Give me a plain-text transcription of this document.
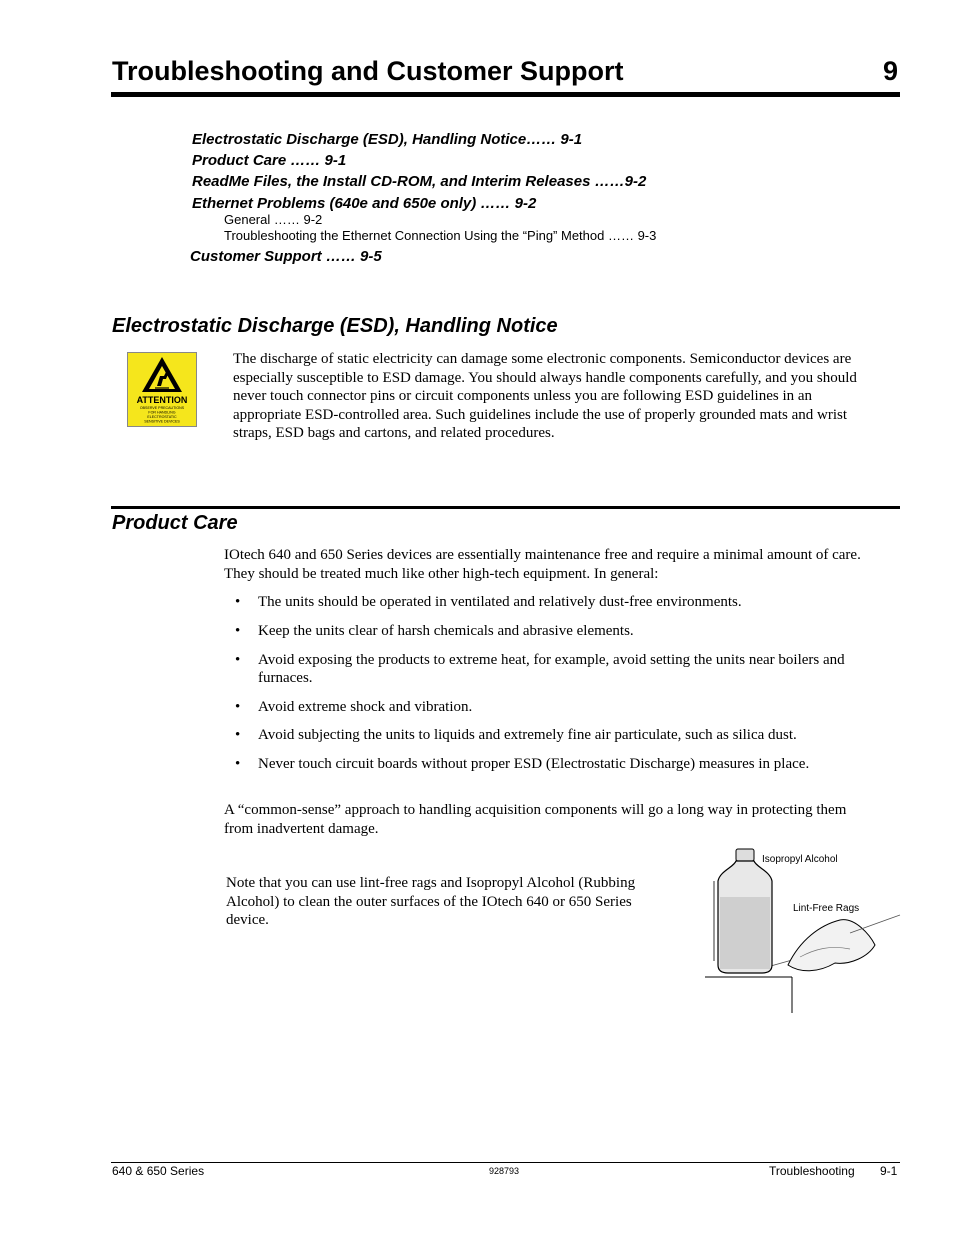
Troubleshooting and Customer Support	9
Electrostatic Discharge (ESD), Handling Notice…… 9-1
Product Care …… 9-1
ReadMe Files, the Install CD-ROM, and Interim Releases ……9-2
Ethernet Problems (640e and 650e only) …… 9-2
General …… 9-2
Troubleshooting the Ethernet Connection Using the “Ping” Method …… 9-3
Customer Support …… 9-5
Electrostatic Discharge (ESD), Handling Notice
ATTENTION
OBSERVE PRECAUTIONS
FOR HANDLING
ELECTROSTATIC
SENSITIVE DEVICES
The discharge of static electricity can damage some electronic components. Semiconductor devices are
especially susceptible to ESD damage. You should always handle components carefully, and you should
never touch connector pins or circuit components unless you are following ESD guidelines in an
appropriate ESD-controlled area. Such guidelines include the use of properly grounded mats and wrist
straps, ESD bags and cartons, and related procedures.
Product Care
IOtech 640 and 650 Series devices are essentially maintenance free and require a minimal amount of care.
They should be treated much like other high-tech equipment. In general:
• The units should be operated in ventilated and relatively dust-free environments.
• Keep the units clear of harsh chemicals and abrasive elements.
• Avoid exposing the products to extreme heat, for example, avoid setting the units near boilers and
furnaces.
• Avoid extreme shock and vibration.
• Avoid subjecting the units to liquids and extremely fine air particulate, such as silica dust.
• Never touch circuit boards without proper ESD (Electrostatic Discharge) measures in place.
A “common-sense” approach to handling acquisition components will go a long way in protecting them
from inadvertent damage.
Note that you can use lint-free rags and Isopropyl Alcohol (Rubbing
Alcohol) to clean the outer surfaces of the IOtech 640 or 650 Series
device.
Isopropyl Alcohol
Lint-Free Rags
640 & 650 Series	928793	Troubleshooting 9-1
